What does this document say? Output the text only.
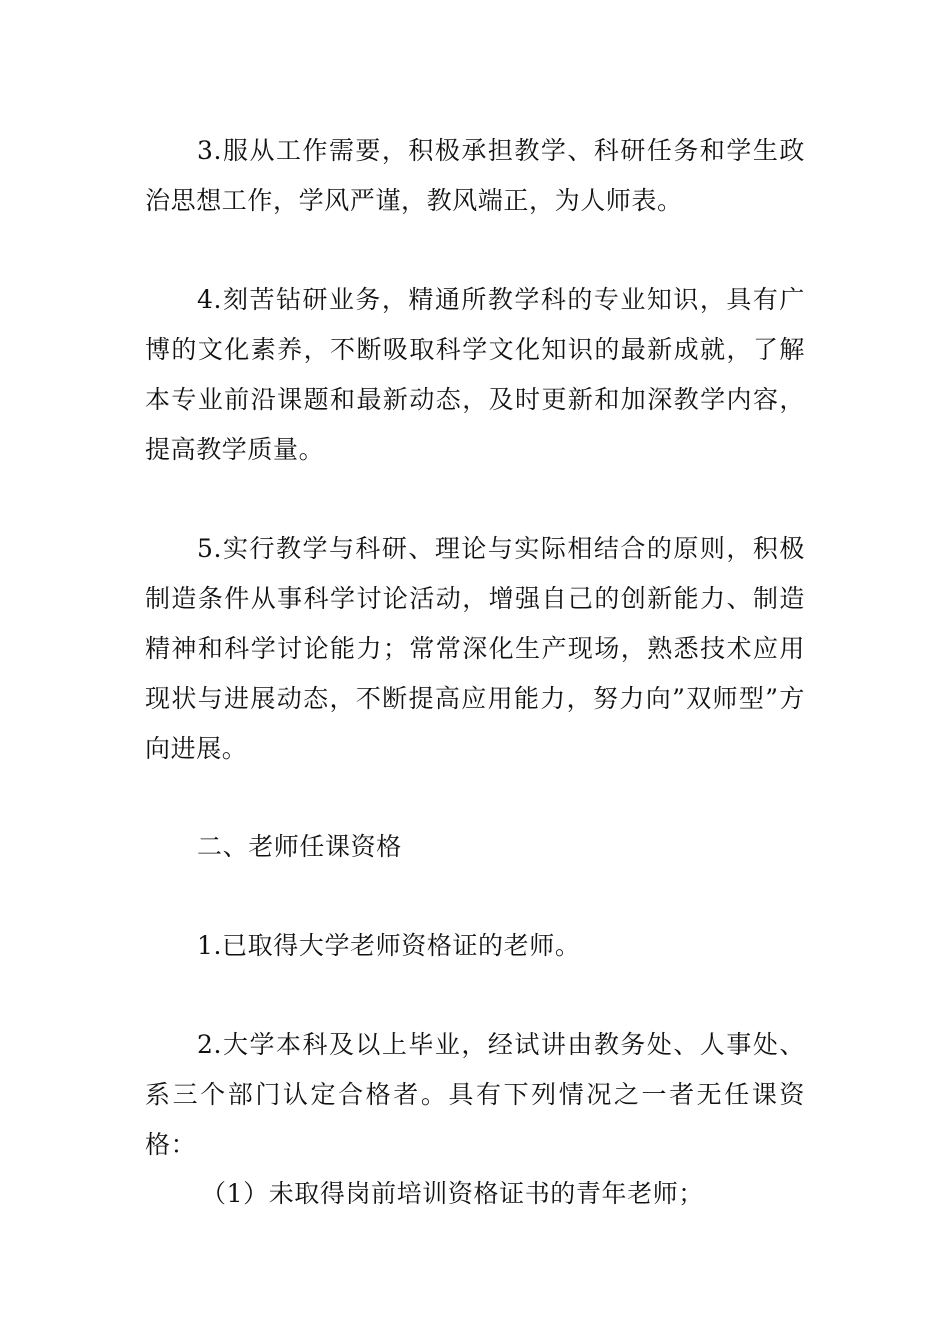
3.服从工作需要，积极承担教学、科研任务和学生政治思想工作，学风严谨，教风端正，为人师表。

4.刻苦钻研业务，精通所教学科的专业知识，具有广博的文化素养，不断吸取科学文化知识的最新成就，了解本专业前沿课题和最新动态，及时更新和加深教学内容，提高教学质量。

5.实行教学与科研、理论与实际相结合的原则，积极制造条件从事科学讨论活动，增强自己的创新能力、制造精神和科学讨论能力；常常深化生产现场，熟悉技术应用现状与进展动态，不断提高应用能力，努力向”双师型”方向进展。

二、老师任课资格

1.已取得大学老师资格证的老师。

2.大学本科及以上毕业，经试讲由教务处、人事处、系三个部门认定合格者。具有下列情况之一者无任课资格：

（1）未取得岗前培训资格证书的青年老师；
